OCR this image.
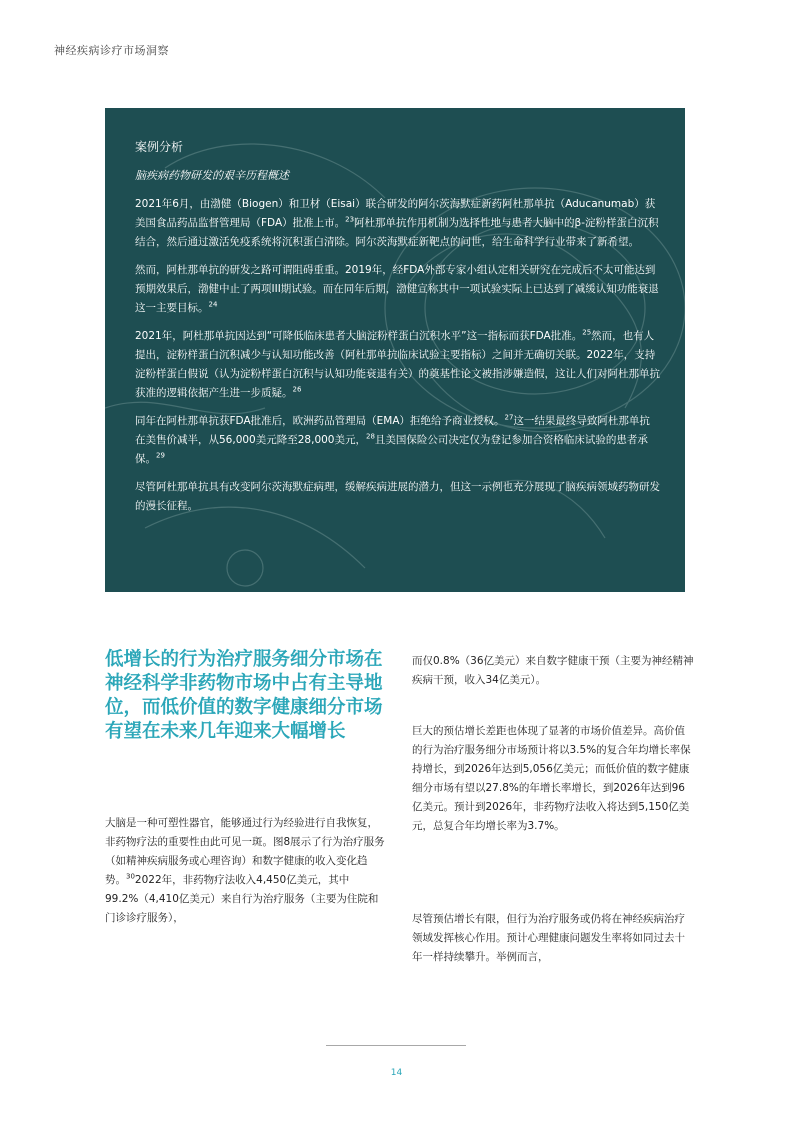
神经疾病诊疗市场洞察

案例分析

脑疾病药物研发的艰辛历程概述

2021年6月，由渤健（Biogen）和卫材（Eisai）联合研发的阿尔茨海默症新药阿杜那单抗（Aducanumab）获美国食品药品监督管理局（FDA）批准上市。$^{23}$阿杜那单抗作用机制为选择性地与患者大脑中的β-淀粉样蛋白沉积结合，然后通过激活免疫系统将沉积蛋白清除。阿尔茨海默症新靶点的问世，给生命科学行业带来了新希望。

然而，阿杜那单抗的研发之路可谓阻碍重重。2019年，经FDA外部专家小组认定相关研究在完成后不太可能达到预期效果后，渤健中止了两项III期试验。而在同年后期，渤健宣称其中一项试验实际上已达到了减缓认知功能衰退这一主要目标。$^{24}$

2021年，阿杜那单抗因达到“可降低临床患者大脑淀粉样蛋白沉积水平”这一指标而获FDA批准。$^{25}$然而，也有人提出，淀粉样蛋白沉积减少与认知功能改善（阿杜那单抗临床试验主要指标）之间并无确切关联。2022年，支持淀粉样蛋白假说（认为淀粉样蛋白沉积与认知功能衰退有关）的奠基性论文被指涉嫌造假，这让人们对阿杜那单抗获准的逻辑依据产生进一步质疑。$^{26}$

同年在阿杜那单抗获FDA批准后，欧洲药品管理局（EMA）拒绝给予商业授权。$^{27}$这一结果最终导致阿杜那单抗在美售价减半，从56,000美元降至28,000美元，$^{28}$且美国保险公司决定仅为登记参加合资格临床试验的患者承保。$^{29}$

尽管阿杜那单抗具有改变阿尔茨海默症病理，缓解疾病进展的潜力，但这一示例也充分展现了脑疾病领域药物研发的漫长征程。

低增长的行为治疗服务细分市场在神经科学非药物市场中占有主导地位，而低价值的数字健康细分市场有望在未来几年迎来大幅增长
大脑是一种可塑性器官，能够通过行为经验进行自我恢复，非药物疗法的重要性由此可见一斑。图8展示了行为治疗服务（如精神疾病服务或心理咨询）和数字健康的收入变化趋势。$^{30}$2022年，非药物疗法收入4,450亿美元，其中99.2%（4,410亿美元）来自行为治疗服务（主要为住院和门诊诊疗服务），
而仅0.8%（36亿美元）来自数字健康干预（主要为神经精神疾病干预，收入34亿美元）。
巨大的预估增长差距也体现了显著的市场价值差异。高价值的行为治疗服务细分市场预计将以3.5%的复合年均增长率保持增长，到2026年达到5,056亿美元；而低价值的数字健康细分市场有望以27.8%的年增长率增长，到2026年达到96亿美元。预计到2026年，非药物疗法收入将达到5,150亿美元，总复合年均增长率为3.7%。
尽管预估增长有限，但行为治疗服务或仍将在神经疾病治疗领域发挥核心作用。预计心理健康问题发生率将如同过去十年一样持续攀升。举例而言，
14
